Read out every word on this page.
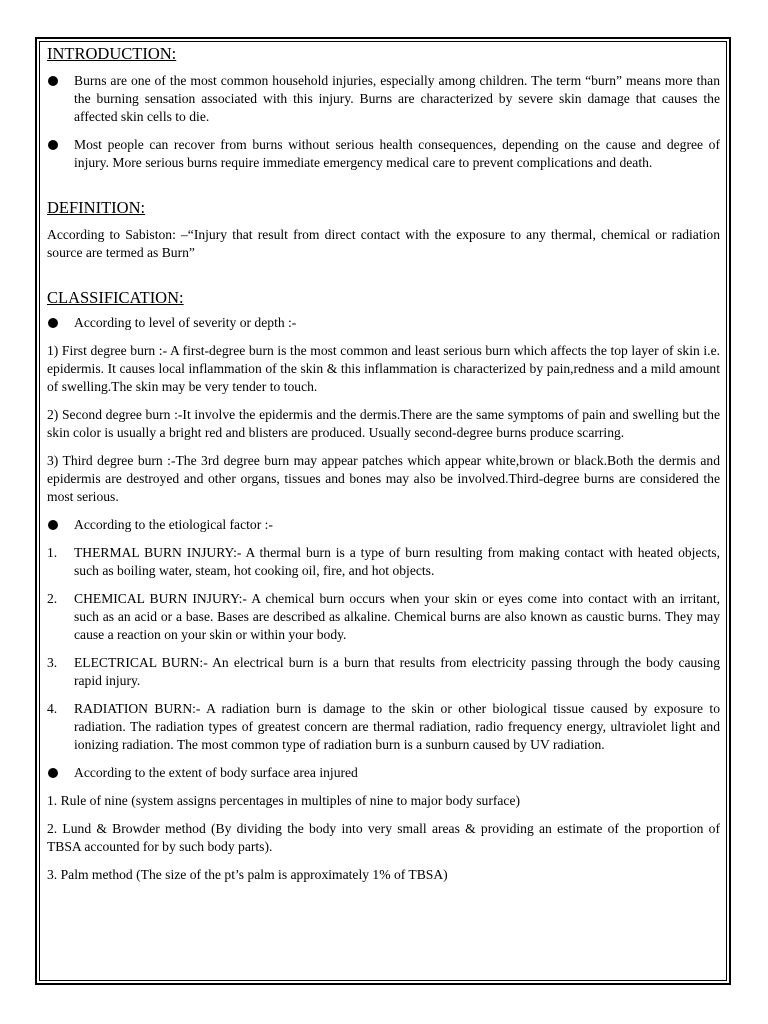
INTRODUCTION:

Burns are one of the most common household injuries, especially among children. The term “burn” means more than the burning sensation associated with this injury. Burns are characterized by severe skin damage that causes the affected skin cells to die.

Most people can recover from burns without serious health consequences, depending on the cause and degree of injury. More serious burns require immediate emergency medical care to prevent complications and death.

DEFINITION:

According to Sabiston: –“Injury that result from direct contact with the exposure to any thermal, chemical or radiation source are termed as Burn”

CLASSIFICATION:

According to level of severity or depth :-

1) First degree burn :- A first-degree burn is the most common and least serious burn which affects the top layer of skin i.e. epidermis. It causes local inflammation of the skin & this inflammation is characterized by pain,redness and a mild amount of swelling.The skin may be very tender to touch.

2) Second degree burn :-It involve the epidermis and the dermis.There are the same symptoms of pain and swelling but the skin color is usually a bright red and blisters are produced. Usually second-degree burns produce scarring.

3) Third degree burn :-The 3rd degree burn may appear patches which appear white,brown or black.Both the dermis and epidermis are destroyed and other organs, tissues and bones may also be involved.Third-degree burns are considered the most serious.

According to the etiological factor :-

1. THERMAL BURN INJURY:- A thermal burn is a type of burn resulting from making contact with heated objects, such as boiling water, steam, hot cooking oil, fire, and hot objects.

2. CHEMICAL BURN INJURY:- A chemical burn occurs when your skin or eyes come into contact with an irritant, such as an acid or a base. Bases are described as alkaline. Chemical burns are also known as caustic burns. They may cause a reaction on your skin or within your body.

3. ELECTRICAL BURN:- An electrical burn is a burn that results from electricity passing through the body causing rapid injury.

4. RADIATION BURN:- A radiation burn is damage to the skin or other biological tissue caused by exposure to radiation. The radiation types of greatest concern are thermal radiation, radio frequency energy, ultraviolet light and ionizing radiation. The most common type of radiation burn is a sunburn caused by UV radiation.

According to the extent of body surface area injured

1. Rule of nine (system assigns percentages in multiples of nine to major body surface)

2. Lund & Browder method (By dividing the body into very small areas & providing an estimate of the proportion of TBSA accounted for by such body parts).

3. Palm method (The size of the pt’s palm is approximately 1% of TBSA)
